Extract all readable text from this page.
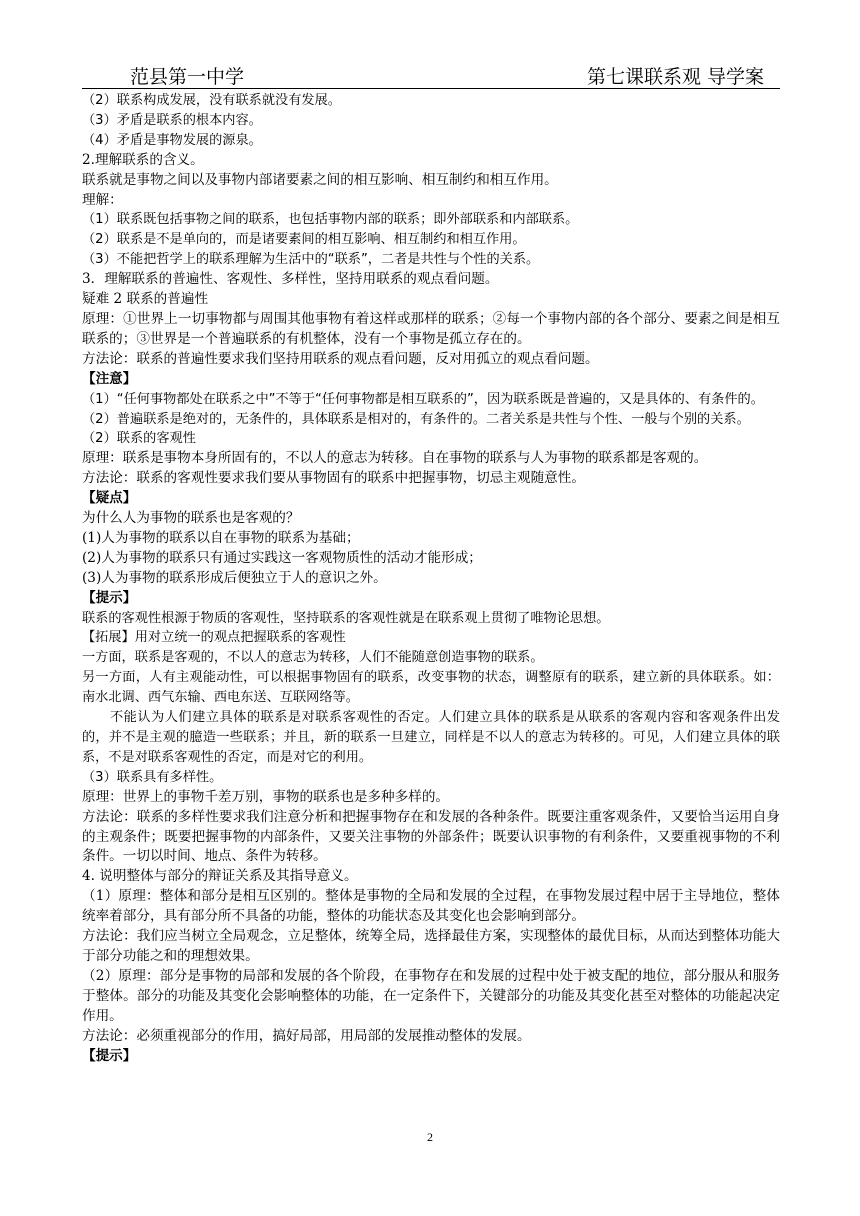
范县第一中学	第七课联系观 导学案

（2）联系构成发展，没有联系就没有发展。

（3）矛盾是联系的根本内容。

（4）矛盾是事物发展的源泉。

2.理解联系的含义。

联系就是事物之间以及事物内部诸要素之间的相互影响、相互制约和相互作用。

理解：

（1）联系既包括事物之间的联系，也包括事物内部的联系；即外部联系和内部联系。

（2）联系是不是单向的，而是诸要素间的相互影响、相互制约和相互作用。

（3）不能把哲学上的联系理解为生活中的“联系”，二者是共性与个性的关系。

3．理解联系的普遍性、客观性、多样性，坚持用联系的观点看问题。

疑难 2 联系的普遍性

原理：①世界上一切事物都与周围其他事物有着这样或那样的联系；②每一个事物内部的各个部分、要素之间是相互联系的；③世界是一个普遍联系的有机整体，没有一个事物是孤立存在的。

方法论：联系的普遍性要求我们坚持用联系的观点看问题，反对用孤立的观点看问题。

【注意】

（1）“任何事物都处在联系之中”不等于“任何事物都是相互联系的”，因为联系既是普遍的，又是具体的、有条件的。

（2）普遍联系是绝对的，无条件的，具体联系是相对的，有条件的。二者关系是共性与个性、一般与个别的关系。

（2）联系的客观性

原理：联系是事物本身所固有的，不以人的意志为转移。自在事物的联系与人为事物的联系都是客观的。

方法论：联系的客观性要求我们要从事物固有的联系中把握事物，切忌主观随意性。

【疑点】

为什么人为事物的联系也是客观的？

(1)人为事物的联系以自在事物的联系为基础；

(2)人为事物的联系只有通过实践这一客观物质性的活动才能形成；

(3)人为事物的联系形成后便独立于人的意识之外。

【提示】

联系的客观性根源于物质的客观性，坚持联系的客观性就是在联系观上贯彻了唯物论思想。

【拓展】用对立统一的观点把握联系的客观性

一方面，联系是客观的，不以人的意志为转移，人们不能随意创造事物的联系。

另一方面，人有主观能动性，可以根据事物固有的联系，改变事物的状态，调整原有的联系，建立新的具体联系。如：南水北调、西气东输、西电东送、互联网络等。

不能认为人们建立具体的联系是对联系客观性的否定。人们建立具体的联系是从联系的客观内容和客观条件出发的，并不是主观的臆造一些联系；并且，新的联系一旦建立，同样是不以人的意志为转移的。可见，人们建立具体的联系，不是对联系客观性的否定，而是对它的利用。

（3）联系具有多样性。

原理：世界上的事物千差万别，事物的联系也是多种多样的。

方法论：联系的多样性要求我们注意分析和把握事物存在和发展的各种条件。既要注重客观条件，又要恰当运用自身的主观条件；既要把握事物的内部条件，又要关注事物的外部条件；既要认识事物的有利条件，又要重视事物的不利条件。一切以时间、地点、条件为转移。

4. 说明整体与部分的辩证关系及其指导意义。

（1）原理：整体和部分是相互区别的。整体是事物的全局和发展的全过程，在事物发展过程中居于主导地位，整体统率着部分，具有部分所不具备的功能，整体的功能状态及其变化也会影响到部分。

方法论：我们应当树立全局观念，立足整体，统筹全局，选择最佳方案，实现整体的最优目标，从而达到整体功能大于部分功能之和的理想效果。

（2）原理：部分是事物的局部和发展的各个阶段，在事物存在和发展的过程中处于被支配的地位，部分服从和服务于整体。部分的功能及其变化会影响整体的功能，在一定条件下，关键部分的功能及其变化甚至对整体的功能起决定作用。

方法论：必须重视部分的作用，搞好局部，用局部的发展推动整体的发展。

【提示】

2
